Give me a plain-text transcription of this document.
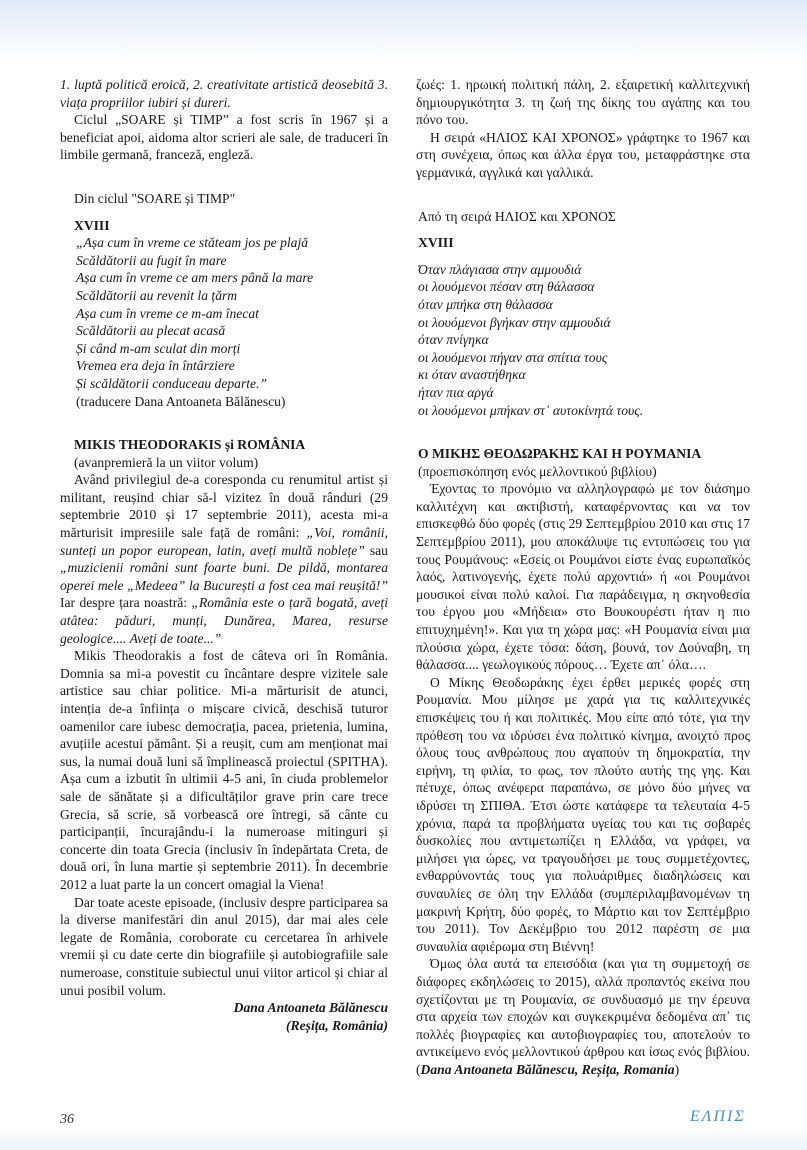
1. luptă politică eroică, 2. creativitate artistică deosebită 3. viața propriilor iubiri și dureri.

Ciclul „SOARE și TIMP” a fost scris în 1967 și a beneficiat apoi, aidoma altor scrieri ale sale, de traduceri în limbile germană, franceză, engleză.

Din ciclul "SOARE și TIMP"

XVIII

„Așa cum în vreme ce stăteam jos pe plajă

Scăldătorii au fugit în mare

Așa cum în vreme ce am mers până la mare

Scăldătorii au revenit la țărm

Așa cum în vreme ce m-am înecat

Scăldătorii au plecat acasă

Și când m-am sculat din morți

Vremea era deja în întârziere

Și scăldătorii conduceau departe.”

(traducere Dana Antoaneta Bălănescu)

MIKIS THEODORAKIS și ROMÂNIA

(avanpremieră la un viitor volum)

Având privilegiul de-a coresponda cu renumitul artist și militant, reușind chiar să-l vizitez în două rânduri (29 septembrie 2010 și 17 septembrie 2011), acesta mi-a mărturisit impresiile sale față de români: „Voi, românii, sunteți un popor european, latin, aveți multă noblețe” sau „muzicienii români sunt foarte buni. De pildă, montarea operei mele „Medeea” la București a fost cea mai reușită!” Iar despre țara noastră: „România este o țară bogată, aveți atâtea: păduri, munți, Dunărea, Marea, resurse geologice.... Aveți de toate...”

Mikis Theodorakis a fost de câteva ori în România. Domnia sa mi-a povestit cu încântare despre vizitele sale artistice sau chiar politice. Mi-a mărturisit de atunci, intenția de-a înființa o mișcare civică, deschisă tuturor oamenilor care iubesc democrația, pacea, prietenia, lumina, avuțiile acestui pământ. Și a reușit, cum am menționat mai sus, la numai două luni să împlinească proiectul (SPITHA). Așa cum a izbutit în ultimii 4-5 ani, în ciuda problemelor sale de sănătate și a dificultăților grave prin care trece Grecia, să scrie, să vorbească ore întregi, să cânte cu participanții, încurajându-i la numeroase mitinguri și concerte din toata Grecia (inclusiv în îndepărtata Creta, de două ori, în luna martie și septembrie 2011). În decembrie 2012 a luat parte la un concert omagial la Viena!

Dar toate aceste episoade, (inclusiv despre participarea sa la diverse manifestări din anul 2015), dar mai ales cele legate de România, coroborate cu cercetarea în arhivele vremii și cu date certe din biografiile și autobiografiile sale numeroase, constituie subiectul unui viitor articol și chiar al unui posibil volum.

Dana Antoaneta Bălănescu

(Reșița, România)

ζωές: 1. ηρωική πολιτική πάλη, 2. εξαιρετική καλλιτεχνική δημιουργικότητα 3. τη ζωή της δίκης του αγάπης και του πόνο του.

Η σειρά «ΗΛΙΟΣ ΚΑΙ ΧΡΟΝΟΣ» γράφτηκε το 1967 και στη συνέχεια, όπως και άλλα έργα του, μεταφράστηκε στα γερμανικά, αγγλικά και γαλλικά.

Από τη σειρά ΗΛΙΟΣ και ΧΡΟΝΟΣ

XVIII

Όταν πλάγιασα στην αμμουδιά

οι λουόμενοι πέσαν στη θάλασσα

όταν μπήκα στη θάλασσα

οι λουόμενοι βγήκαν στην αμμουδιά

όταν πνίγηκα

οι λουόμενοι πήγαν στα σπίτια τους

κι όταν αναστήθηκα

ήταν πια αργά

οι λουόμενοι μπήκαν στ᾽ αυτοκίνητά τους.

Ο ΜΙΚΗΣ ΘΕΟΔΩΡΑΚΗΣ ΚΑΙ Η ΡΟΥΜΑΝΙΑ

(προεπισκόπηση ενός μελλοντικού βιβλίου)

Έχοντας το προνόμιο να αλληλογραφώ με τον διάσημο καλλιτέχνη και ακτιβιστή, καταφέρνοντας και να τον επισκεφθώ δύο φορές (στις 29 Σεπτεμβρίου 2010 και στις 17 Σεπτεμβρίου 2011), μου αποκάλυψε τις εντυπώσεις του για τους Ρουμάνους: «Εσείς οι Ρουμάνοι είστε ένας ευρωπαϊκός λαός, λατινογενής, έχετε πολύ αρχοντιά» ή «οι Ρουμάνοι μουσικοί είναι πολύ καλοί. Για παράδειγμα, η σκηνοθεσία του έργου μου «Μήδεια» στο Βουκουρέστι ήταν η πιο επιτυχημένη!». Και για τη χώρα μας: «Η Ρουμανία είναι μια πλούσια χώρα, έχετε τόσα: δάση, βουνά, τον Δούναβη, τη θάλασσα.... γεωλογικούς πόρους… Έχετε απ᾽ όλα….

Ο Μίκης Θεοδωράκης έχει έρθει μερικές φορές στη Ρουμανία. Μου μίλησε με χαρά για τις καλλιτεχνικές επισκέψεις του ή και πολιτικές. Μου είπε από τότε, για την πρόθεση του να ιδρύσει ένα πολιτικό κίνημα, ανοιχτό προς όλους τους ανθρώπους που αγαπούν τη δημοκρατία, την ειρήνη, τη φιλία, το φως, τον πλούτο αυτής της γης. Και πέτυχε, όπως ανέφερα παραπάνω, σε μόνο δύο μήνες να ιδρύσει τη ΣΠΙΘΑ. Έτσι ώστε κατάφερε τα τελευταία 4-5 χρόνια, παρά τα προβλήματα υγείας του και τις σοβαρές δυσκολίες που αντιμετωπίζει η Ελλάδα, να γράφει, να μιλήσει για ώρες, να τραγουδήσει με τους συμμετέχοντες, ενθαρρύνοντάς τους για πολυάριθμες διαδηλώσεις και συναυλίες σε όλη την Ελλάδα (συμπεριλαμβανομένων τη μακρινή Κρήτη, δύο φορές, το Μάρτιο και τον Σεπτέμβριο του 2011). Τον Δεκέμβριο του 2012 παρέστη σε μια συναυλία αφιέρωμα στη Βιέννη!

Όμως όλα αυτά τα επεισόδια (και για τη συμμετοχή σε διάφορες εκδηλώσεις το 2015), αλλά προπαντός εκείνα που σχετίζονται με τη Ρουμανία, σε συνδυασμό με την έρευνα στα αρχεία των εποχών και συγκεκριμένα δεδομένα απ᾽ τις πολλές βιογραφίες και αυτοβιογραφίες του, αποτελούν το αντικείμενο ενός μελλοντικού άρθρου και ίσως ενός βιβλίου. (Dana Antoaneta Bălănescu, Reșița, Romania)

36	ΕΛΠΙΣ
